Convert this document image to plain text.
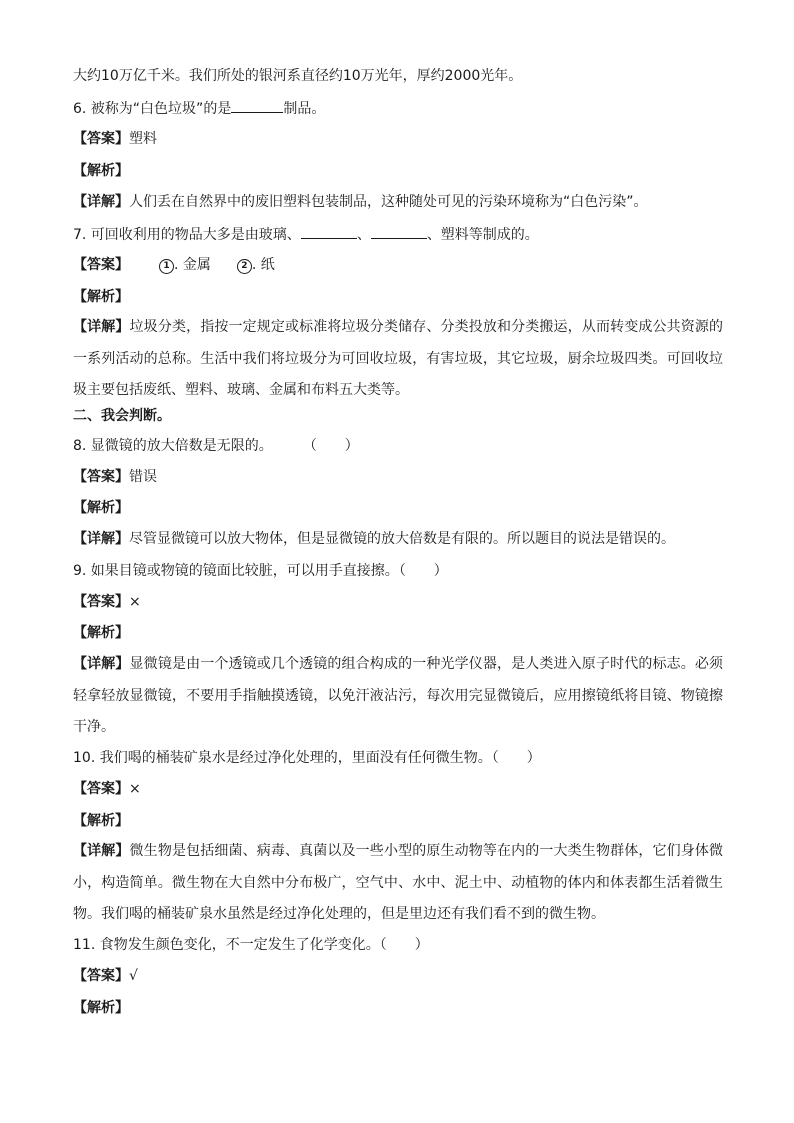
大约10万亿千米。我们所处的银河系直径约10万光年，厚约2000光年。
6. 被称为“白色垃圾”的是	制品。
【答案】塑料
【解析】
【详解】人们丢在自然界中的废旧塑料包装制品，这种随处可见的污染环境称为“白色污染”。
7. 可回收利用的物品大多是由玻璃、	、	、塑料等制成的。
【答案】	1 . 金属	2 . 纸
【解析】
【详解】垃圾分类，指按一定规定或标准将垃圾分类储存、分类投放和分类搬运，从而转变成公共资源的一系列活动的总称。生活中我们将垃圾分为可回收垃圾，有害垃圾，其它垃圾，厨余垃圾四类。可回收垃圾主要包括废纸、塑料、玻璃、金属和布料五大类等。
二、我会判断。
8. 显微镜的放大倍数是无限的。 （　　）
【答案】错误
【解析】
【详解】尽管显微镜可以放大物体，但是显微镜的放大倍数是有限的。所以题目的说法是错误的。
9. 如果目镜或物镜的镜面比较脏，可以用手直接擦。（　　）
【答案】×
【解析】
【详解】显微镜是由一个透镜或几个透镜的组合构成的一种光学仪器，是人类进入原子时代的标志。必须轻拿轻放显微镜，不要用手指触摸透镜，以免汗液沾污，每次用完显微镜后，应用擦镜纸将目镜、物镜擦干净。
10. 我们喝的桶装矿泉水是经过净化处理的，里面没有任何微生物。（　　）
【答案】×
【解析】
【详解】微生物是包括细菌、病毒、真菌以及一些小型的原生动物等在内的一大类生物群体，它们身体微小，构造简单。微生物在大自然中分布极广，空气中、水中、泥土中、动植物的体内和体表都生活着微生物。我们喝的桶装矿泉水虽然是经过净化处理的，但是里边还有我们看不到的微生物。
11. 食物发生颜色变化，不一定发生了化学变化。（　　）
【答案】√
【解析】
